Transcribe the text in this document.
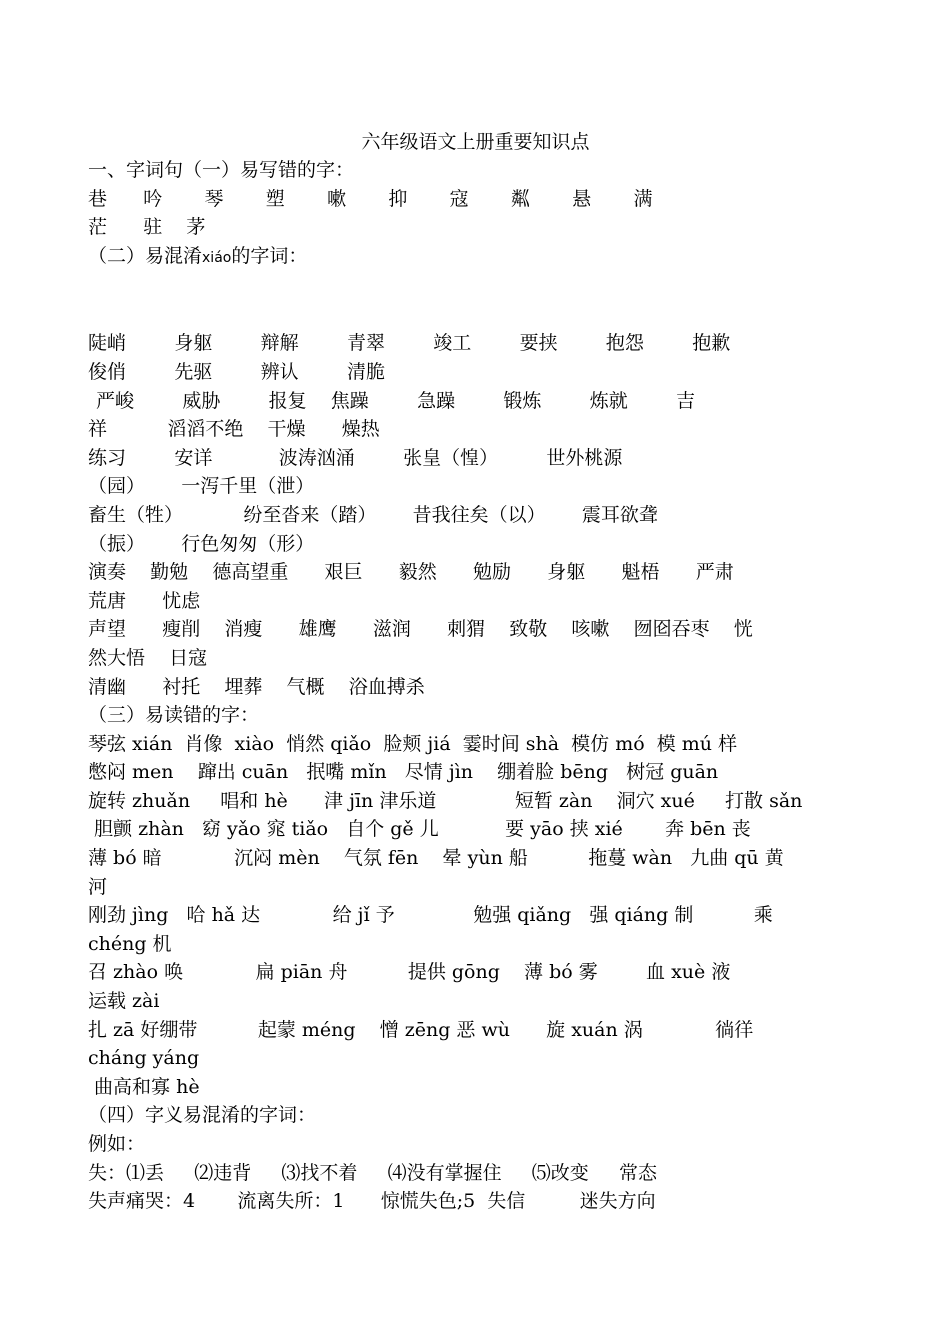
六年级语文上册重要知识点
一、字词句（一）易写错的字：
巷      吟       琴       塑       嗽       抑       寇       粼       悬       满
茫      驻    茅
（二）易混淆xiáo的字词：
陡峭        身躯        辩解        青翠        竣工        要挟        抱怨        抱歉
俊俏        先驱        辨认        清脆
严峻        威胁        报复    焦躁        急躁        锻炼        炼就        吉
祥          滔滔不绝    干燥      燥热
练习        安详           波涛汹涌        张皇（惶）        世外桃源
（园）      一泻千里（泄）
畜生（牲）          纷至沓来（踏）      昔我往矣（以）      震耳欲聋
（振）      行色匆匆（形）
演奏    勤勉    德高望重      艰巨      毅然      勉励      身躯      魁梧      严肃
荒唐      忧虑
声望      瘦削    消瘦      雄鹰      滋润      刺猬    致敬    咳嗽    囫囵吞枣    恍
然大悟    日寇
清幽      衬托    埋葬    气概    浴血搏杀
（三）易读错的字：
琴弦 xián  肖像  xiào  悄然 qiǎo  脸颊 jiá  霎时间 shà  模仿 mó  模 mú 样
憋闷 men    蹿出 cuān   抿嘴 mǐn   尽情 jìn    绷着脸 bēng   树冠 guān
旋转 zhuǎn     唱和 hè      津 jīn 津乐道             短暂 zàn    洞穴 xué     打散 sǎn
胆颤 zhàn   窈 yǎo 窕 tiǎo   自个 gě 儿           要 yāo 挟 xié       奔 bēn 丧
薄 bó 暗            沉闷 mèn    气氛 fēn    晕 yùn 船          拖蔓 wàn   九曲 qū 黄
河
刚劲 jìng   哈 hǎ 达            给 jǐ 予             勉强 qiǎng   强 qiáng 制          乘
chéng 机
召 zhào 唤            扁 piān 舟          提供 gōng    薄 bó 雾        血 xuè 液
运载 zài
扎 zā 好绷带          起蒙 méng    憎 zēng 恶 wù      旋 xuán 涡            徜徉
cháng yáng
曲高和寡 hè
（四）字义易混淆的字词：
例如：
失：⑴丢     ⑵违背     ⑶找不着     ⑷没有掌握住     ⑸改变     常态
失声痛哭：4       流离失所：1      惊慌失色;5  失信         迷失方向
